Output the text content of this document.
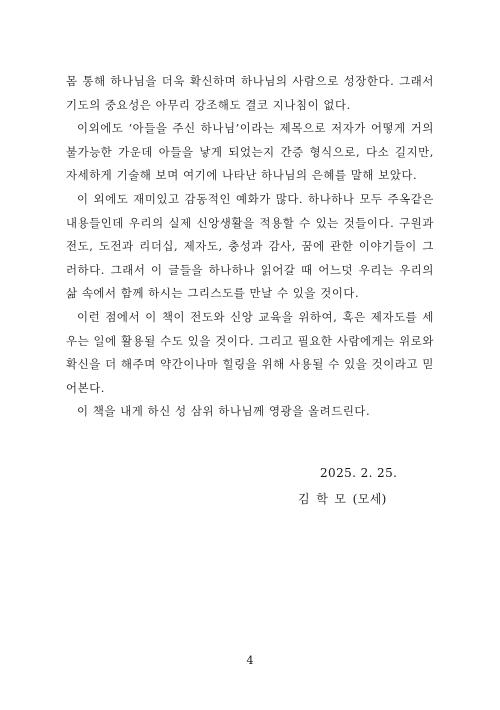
몸 통해 하나님을 더욱 확신하며 하나님의 사람으로 성장한다. 그래서 기도의 중요성은 아무리 강조해도 결코 지나침이 없다.

이외에도 ‘아들을 주신 하나님’이라는 제목으로 저자가 어떻게 거의 불가능한 가운데 아들을 낳게 되었는지 간증 형식으로, 다소 길지만, 자세하게 기술해 보며 여기에 나타난 하나님의 은혜를 말해 보았다.

이 외에도 재미있고 감동적인 예화가 많다. 하나하나 모두 주옥같은 내용들인데 우리의 실제 신앙생활을 적용할 수 있는 것들이다. 구원과 전도, 도전과 리더십, 제자도, 충성과 감사, 꿈에 관한 이야기들이 그러하다. 그래서 이 글들을 하나하나 읽어갈 때 어느덧 우리는 우리의 삶 속에서 함께 하시는 그리스도를 만날 수 있을 것이다.

이런 점에서 이 책이 전도와 신앙 교육을 위하여, 혹은 제자도를 세우는 일에 활용될 수도 있을 것이다. 그리고 필요한 사람에게는 위로와 확신을 더 해주며 약간이나마 힐링을 위해 사용될 수 있을 것이라고 믿어본다.

이 책을 내게 하신 성 삼위 하나님께 영광을 올려드린다.

2025. 2. 25.
김 학 모 (모세)
4
